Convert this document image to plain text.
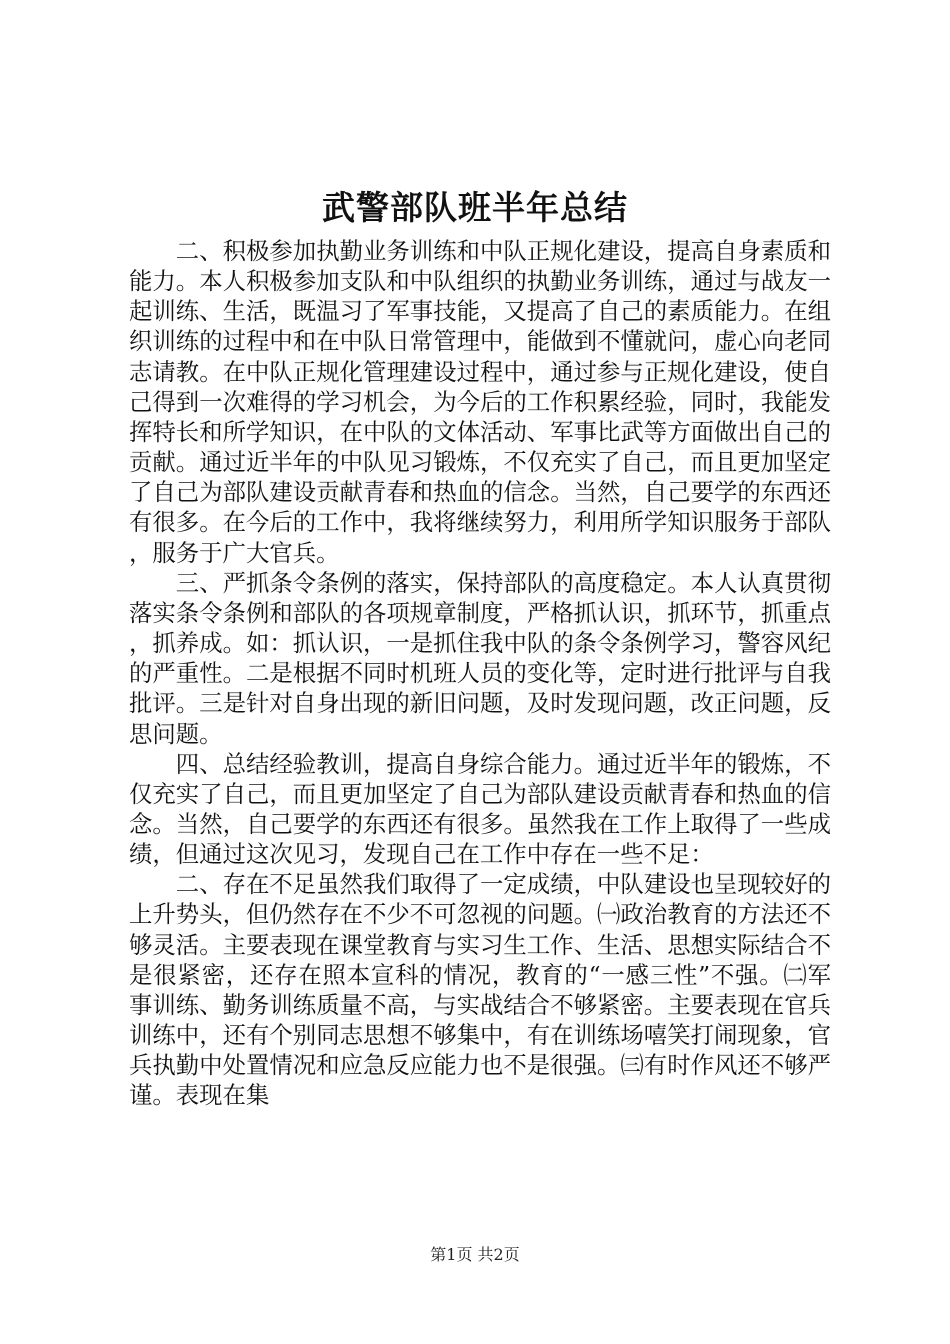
武警部队班半年总结

二、积极参加执勤业务训练和中队正规化建设，提高自身素质和能力。本人积极参加支队和中队组织的执勤业务训练，通过与战友一起训练、生活，既温习了军事技能，又提高了自己的素质能力。在组织训练的过程中和在中队日常管理中，能做到不懂就问，虚心向老同志请教。在中队正规化管理建设过程中，通过参与正规化建设，使自己得到一次难得的学习机会，为今后的工作积累经验，同时，我能发挥特长和所学知识，在中队的文体活动、军事比武等方面做出自己的贡献。通过近半年的中队见习锻炼，不仅充实了自己，而且更加坚定了自己为部队建设贡献青春和热血的信念。当然，自己要学的东西还有很多。在今后的工作中，我将继续努力，利用所学知识服务于部队，服务于广大官兵。

三、严抓条令条例的落实，保持部队的高度稳定。本人认真贯彻落实条令条例和部队的各项规章制度，严格抓认识，抓环节，抓重点，抓养成。如：抓认识，一是抓住我中队的条令条例学习，警容风纪的严重性。二是根据不同时机班人员的变化等，定时进行批评与自我批评。三是针对自身出现的新旧问题，及时发现问题，改正问题，反思问题。

四、总结经验教训，提高自身综合能力。通过近半年的锻炼，不仅充实了自己，而且更加坚定了自己为部队建设贡献青春和热血的信念。当然，自己要学的东西还有很多。虽然我在工作上取得了一些成绩，但通过这次见习，发现自己在工作中存在一些不足：

二、存在不足虽然我们取得了一定成绩，中队建设也呈现较好的上升势头，但仍然存在不少不可忽视的问题。㈠政治教育的方法还不够灵活。主要表现在课堂教育与实习生工作、生活、思想实际结合不是很紧密，还存在照本宣科的情况，教育的“一感三性”不强。㈡军事训练、勤务训练质量不高，与实战结合不够紧密。主要表现在官兵训练中，还有个别同志思想不够集中，有在训练场嘻笑打闹现象，官兵执勤中处置情况和应急反应能力也不是很强。㈢有时作风还不够严谨。表现在集

第1页 共2页
